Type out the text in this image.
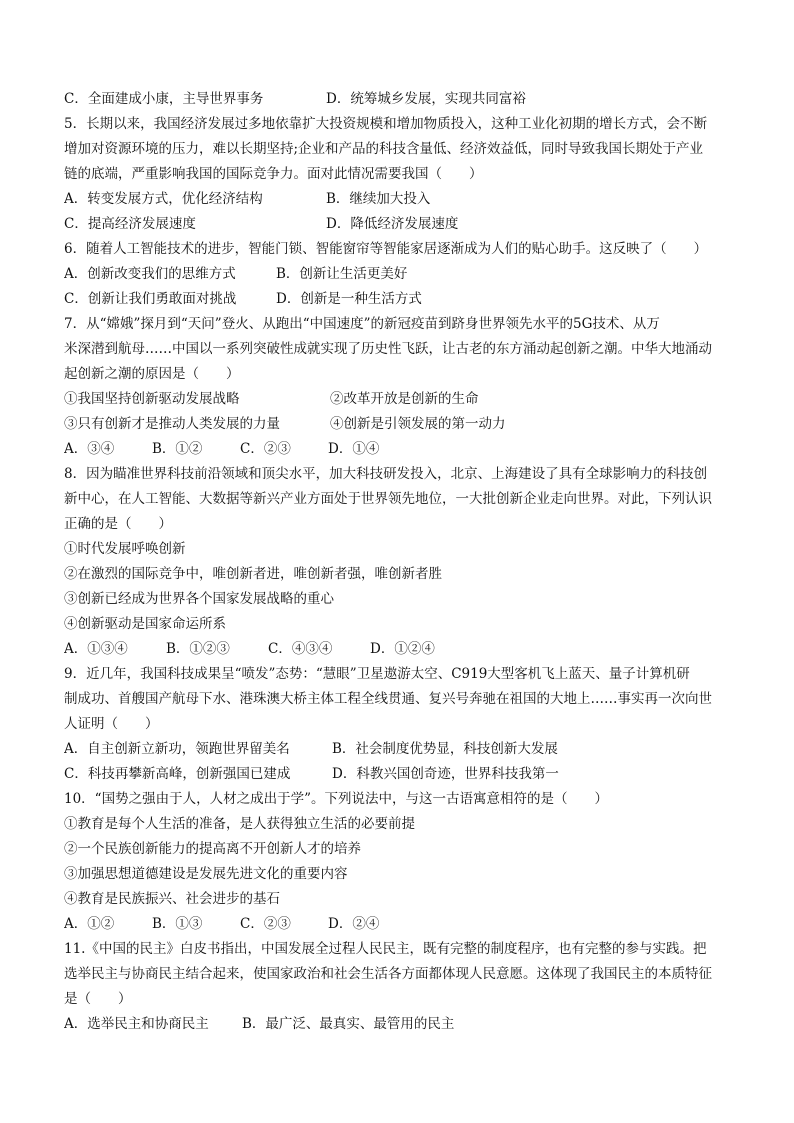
C．全面建成小康，主导世界事务	D．统筹城乡发展，实现共同富裕
5．长期以来，我国经济发展过多地依靠扩大投资规模和增加物质投入，这种工业化初期的增长方式，会不断
增加对资源环境的压力，难以长期坚持;企业和产品的科技含量低、经济效益低，同时导致我国长期处于产业
链的底端，严重影响我国的国际竞争力。面对此情况需要我国（　　）
A．转变发展方式，优化经济结构	B．继续加大投入
C．提高经济发展速度	D．降低经济发展速度
6．随着人工智能技术的进步，智能门锁、智能窗帘等智能家居逐渐成为人们的贴心助手。这反映了（　　）
A．创新改变我们的思维方式	B．创新让生活更美好
C．创新让我们勇敢面对挑战	D．创新是一种生活方式
7．从“嫦娥”探月到“天问”登火、从跑出“中国速度”的新冠疫苗到跻身世界领先水平的5G技术、从万
米深潜到航母……中国以一系列突破性成就实现了历史性飞跃，让古老的东方涌动起创新之潮。中华大地涌动
起创新之潮的原因是（　　）
①我国坚持创新驱动发展战略	②改革开放是创新的生命
③只有创新才是推动人类发展的力量	④创新是引领发展的第一动力
A．③④	B．①②	C．②③	D．①④
8．因为瞄准世界科技前沿领域和顶尖水平，加大科技研发投入，北京、上海建设了具有全球影响力的科技创
新中心，在人工智能、大数据等新兴产业方面处于世界领先地位，一大批创新企业走向世界。对此，下列认识
正确的是（　　）
①时代发展呼唤创新
②在激烈的国际竞争中，唯创新者进，唯创新者强，唯创新者胜
③创新已经成为世界各个国家发展战略的重心
④创新驱动是国家命运所系
A．①③④	B．①②③	C．④③④	D．①②④
9．近几年，我国科技成果呈“喷发”态势：“慧眼”卫星遨游太空、C919大型客机飞上蓝天、量子计算机研
制成功、首艘国产航母下水、港珠澳大桥主体工程全线贯通、复兴号奔驰在祖国的大地上……事实再一次向世
人证明（　　）
A．自主创新立新功，领跑世界留美名	B．社会制度优势显，科技创新大发展
C．科技再攀新高峰，创新强国已建成	D．科教兴国创奇迹，世界科技我第一
10．“国势之强由于人，人材之成出于学”。下列说法中，与这一古语寓意相符的是（　　）
①教育是每个人生活的准备，是人获得独立生活的必要前提
②一个民族创新能力的提高离不开创新人才的培养
③加强思想道德建设是发展先进文化的重要内容
④教育是民族振兴、社会进步的基石
A．①②	B．①③	C．②③	D．②④
11.《中国的民主》白皮书指出，中国发展全过程人民民主，既有完整的制度程序，也有完整的参与实践。把
选举民主与协商民主结合起来，使国家政治和社会生活各方面都体现人民意愿。这体现了我国民主的本质特征
是（　　）
A．选举民主和协商民主	B．最广泛、最真实、最管用的民主
